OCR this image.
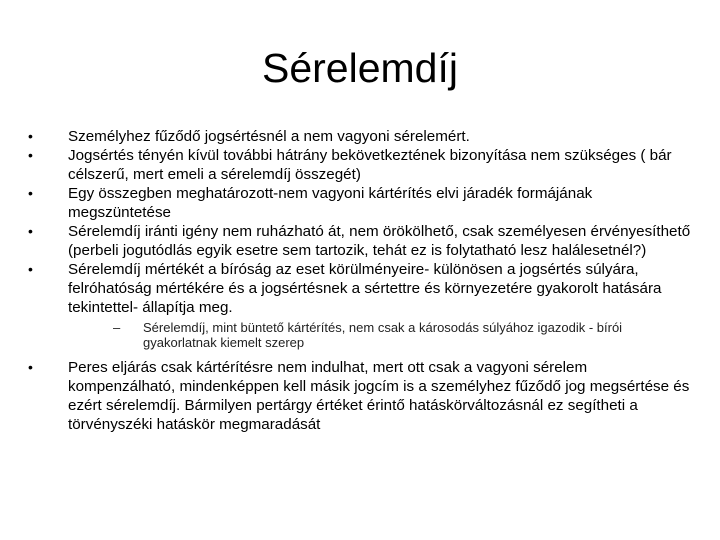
Sérelemdíj
•	Személyhez fűződő jogsértésnél a nem vagyoni sérelemért.
•	Jogsértés tényén kívül további hátrány bekövetkeztének bizonyítása nem szükséges ( bár célszerű, mert emeli a sérelemdíj összegét)
•	Egy összegben meghatározott-nem vagyoni kártérítés elvi járadék formájának megszüntetése
•	Sérelemdíj iránti igény nem ruházható át, nem örökölhető, csak személyesen érvényesíthető (perbeli jogutódlás egyik esetre sem tartozik, tehát ez is folytatható lesz halálesetnél?)
•	Sérelemdíj mértékét a bíróság az eset körülményeire- különösen a jogsértés súlyára, felróhatóság mértékére és a jogsértésnek a sértettre és környezetére gyakorolt hatására tekintettel- állapítja meg.
– Sérelemdíj, mint büntető kártérítés, nem csak a károsodás súlyához igazodik - bírói gyakorlatnak kiemelt szerep
•	Peres eljárás csak kártérítésre nem indulhat, mert ott csak a vagyoni sérelem kompenzálható, mindenképpen kell másik jogcím is a személyhez fűződő jog megsértése és ezért sérelemdíj. Bármilyen pertárgy értéket érintő hatáskörváltozásnál ez segítheti a törvényszéki hatáskör megmaradását
